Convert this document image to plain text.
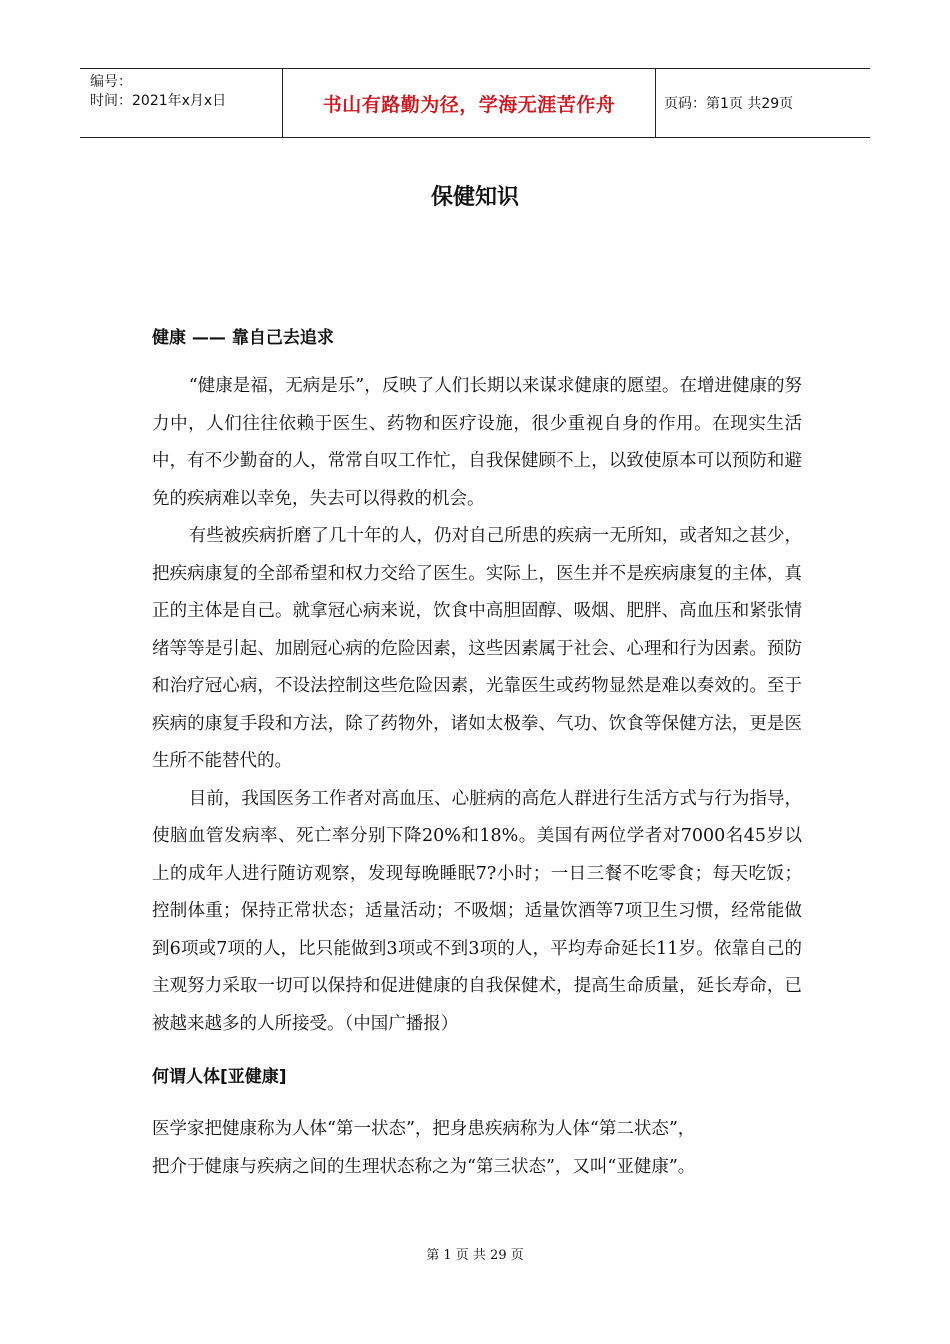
编号：
时间：2021年x月x日	书山有路勤为径，学海无涯苦作舟	页码：第1页 共29页
保健知识
健康 —— 靠自己去追求
“健康是福，无病是乐”，反映了人们长期以来谋求健康的愿望。在增进健康的努力中，人们往往依赖于医生、药物和医疗设施，很少重视自身的作用。在现实生活中，有不少勤奋的人，常常自叹工作忙，自我保健顾不上，以致使原本可以预防和避免的疾病难以幸免，失去可以得救的机会。
有些被疾病折磨了几十年的人，仍对自己所患的疾病一无所知，或者知之甚少，把疾病康复的全部希望和权力交给了医生。实际上，医生并不是疾病康复的主体，真正的主体是自己。就拿冠心病来说，饮食中高胆固醇、吸烟、肥胖、高血压和紧张情绪等等是引起、加剧冠心病的危险因素，这些因素属于社会、心理和行为因素。预防和治疗冠心病，不设法控制这些危险因素，光靠医生或药物显然是难以奏效的。至于疾病的康复手段和方法，除了药物外，诸如太极拳、气功、饮食等保健方法，更是医生所不能替代的。
目前，我国医务工作者对高血压、心脏病的高危人群进行生活方式与行为指导，使脑血管发病率、死亡率分别下降20%和18%。美国有两位学者对7000名45岁以上的成年人进行随访观察，发现每晚睡眠7?小时；一日三餐不吃零食；每天吃饭；控制体重；保持正常状态；适量活动；不吸烟；适量饮酒等7项卫生习惯，经常能做到6项或7项的人，比只能做到3项或不到3项的人，平均寿命延长11岁。依靠自己的主观努力采取一切可以保持和促进健康的自我保健术，提高生命质量，延长寿命，已被越来越多的人所接受。（中国广播报）
何谓人体[亚健康]
医学家把健康称为人体“第一状态”，把身患疾病称为人体“第二状态”，
把介于健康与疾病之间的生理状态称之为“第三状态”，又叫“亚健康”。
第 1 页 共 29 页
